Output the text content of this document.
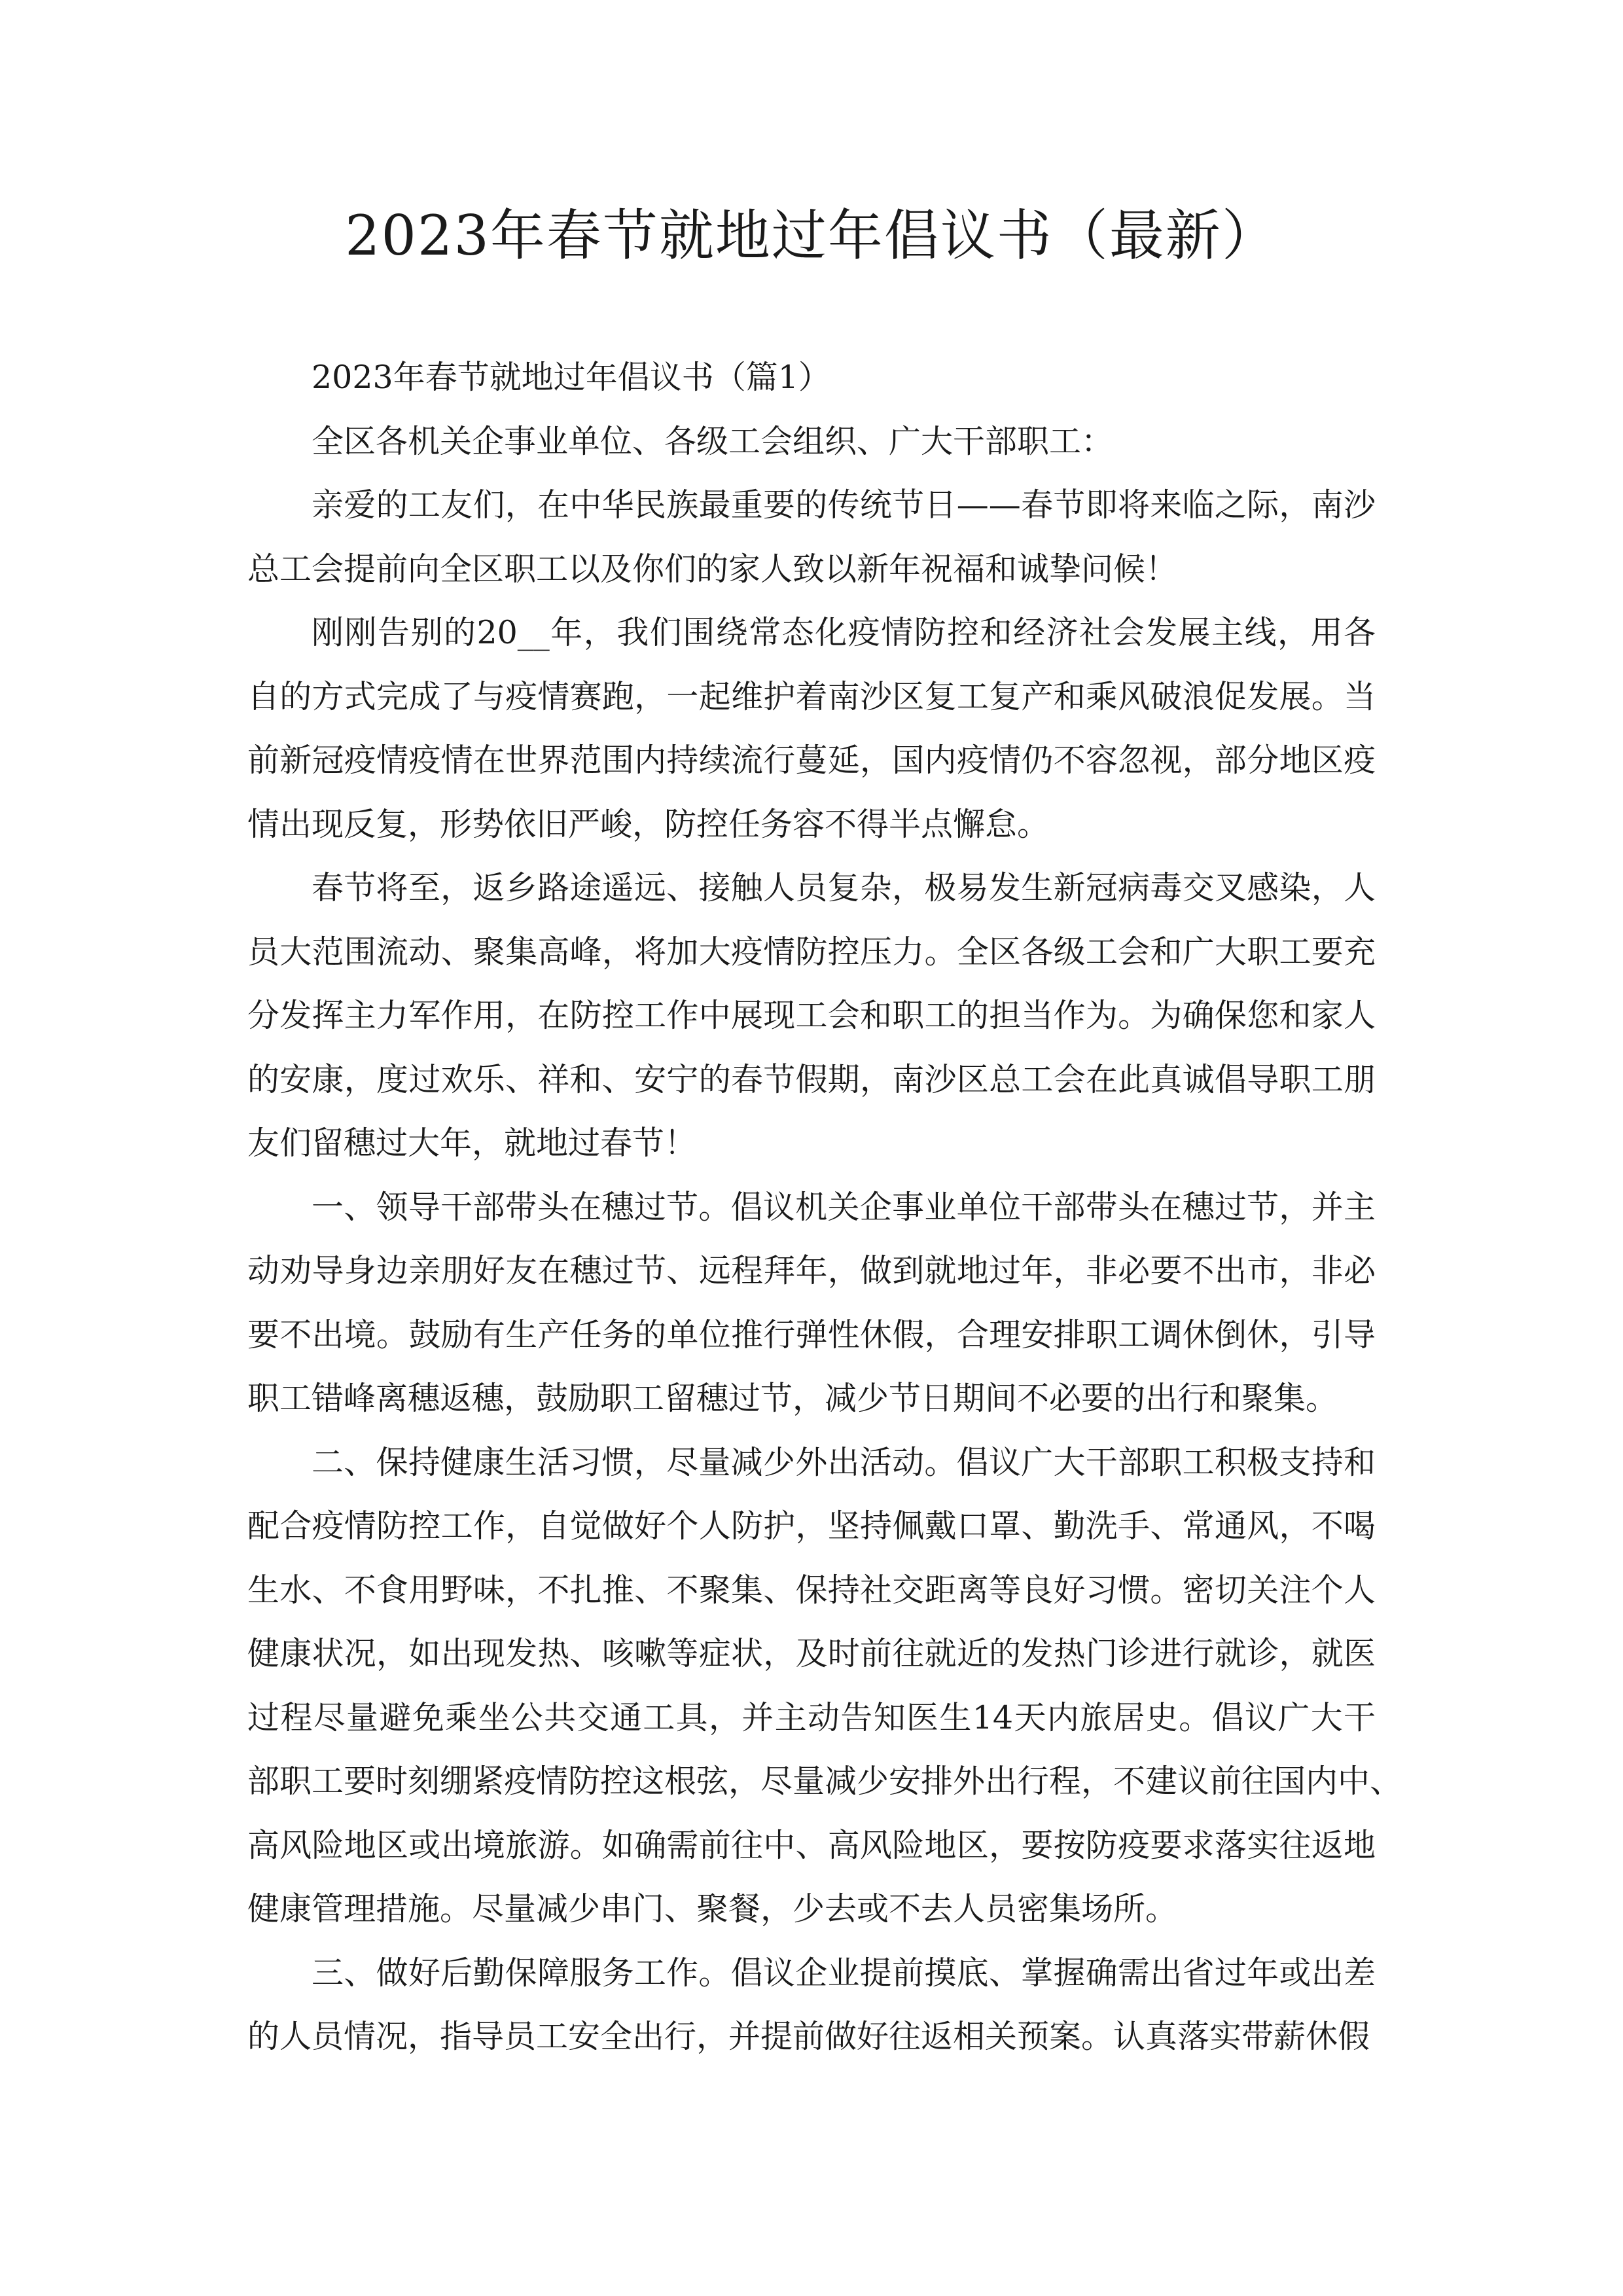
2023年春节就地过年倡议书（最新）
2023年春节就地过年倡议书（篇1）
全区各机关企事业单位、各级工会组织、广大干部职工：
亲爱的工友们，在中华民族最重要的传统节日——春节即将来临之际，南沙
总工会提前向全区职工以及你们的家人致以新年祝福和诚挚问候！
刚刚告别的20__年，我们围绕常态化疫情防控和经济社会发展主线，用各
自的方式完成了与疫情赛跑，一起维护着南沙区复工复产和乘风破浪促发展。当
前新冠疫情疫情在世界范围内持续流行蔓延，国内疫情仍不容忽视，部分地区疫
情出现反复，形势依旧严峻，防控任务容不得半点懈怠。
春节将至，返乡路途遥远、接触人员复杂，极易发生新冠病毒交叉感染，人
员大范围流动、聚集高峰，将加大疫情防控压力。全区各级工会和广大职工要充
分发挥主力军作用，在防控工作中展现工会和职工的担当作为。为确保您和家人
的安康，度过欢乐、祥和、安宁的春节假期，南沙区总工会在此真诚倡导职工朋
友们留穗过大年，就地过春节！
一、领导干部带头在穗过节。倡议机关企事业单位干部带头在穗过节，并主
动劝导身边亲朋好友在穗过节、远程拜年，做到就地过年，非必要不出市，非必
要不出境。鼓励有生产任务的单位推行弹性休假，合理安排职工调休倒休，引导
职工错峰离穗返穗，鼓励职工留穗过节，减少节日期间不必要的出行和聚集。
二、保持健康生活习惯，尽量减少外出活动。倡议广大干部职工积极支持和
配合疫情防控工作，自觉做好个人防护，坚持佩戴口罩、勤洗手、常通风，不喝
生水、不食用野味，不扎推、不聚集、保持社交距离等良好习惯。密切关注个人
健康状况，如出现发热、咳嗽等症状，及时前往就近的发热门诊进行就诊，就医
过程尽量避免乘坐公共交通工具，并主动告知医生14天内旅居史。倡议广大干
部职工要时刻绷紧疫情防控这根弦，尽量减少安排外出行程，不建议前往国内中、
高风险地区或出境旅游。如确需前往中、高风险地区，要按防疫要求落实往返地
健康管理措施。尽量减少串门、聚餐，少去或不去人员密集场所。
三、做好后勤保障服务工作。倡议企业提前摸底、掌握确需出省过年或出差
的人员情况，指导员工安全出行，并提前做好往返相关预案。认真落实带薪休假
